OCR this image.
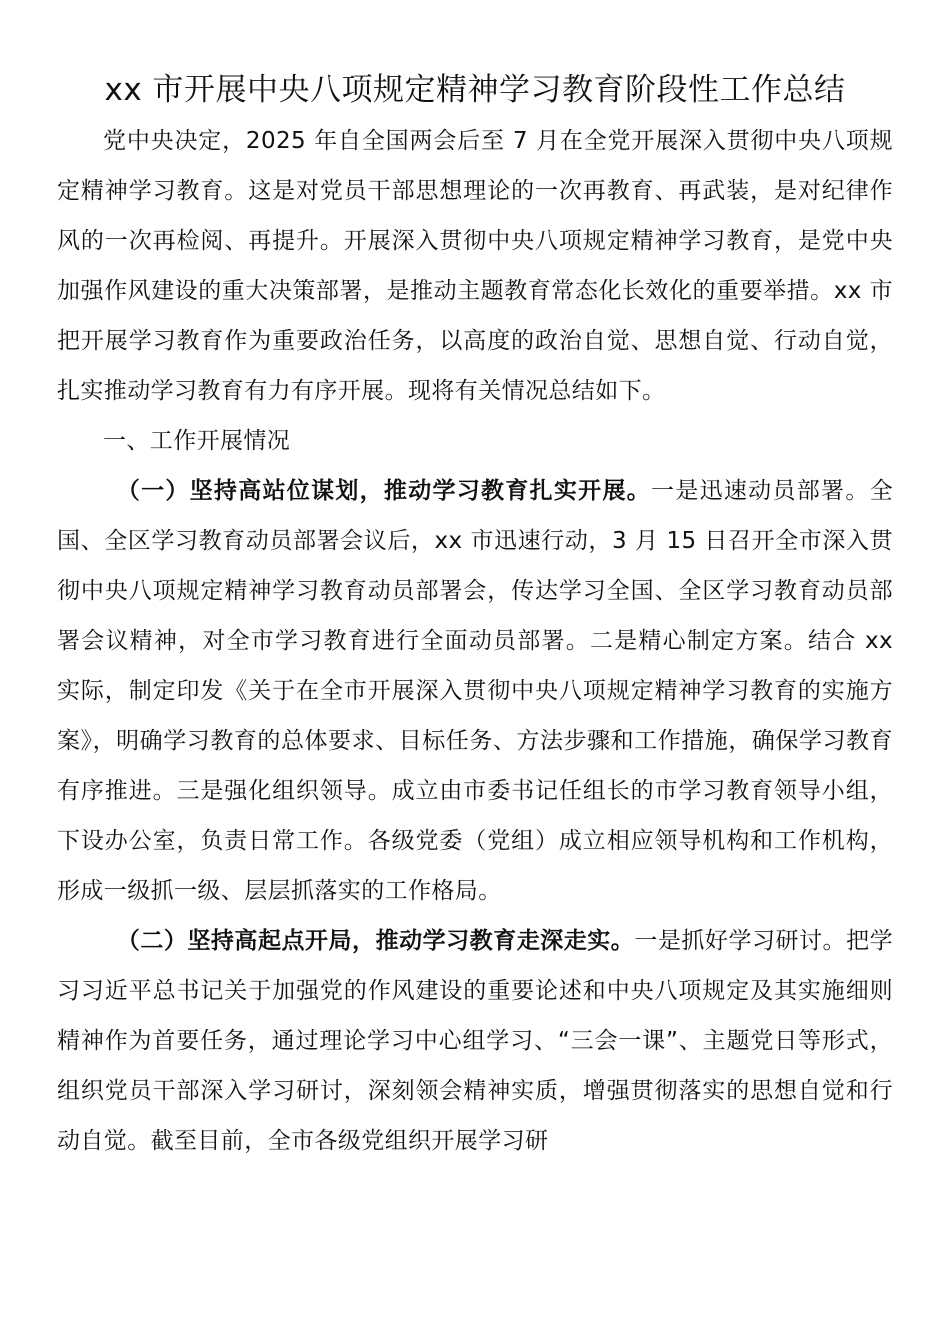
xx 市开展中央八项规定精神学习教育阶段性工作总结

党中央决定，2025 年自全国两会后至 7 月在全党开展深入贯彻中央八项规定精神学习教育。这是对党员干部思想理论的一次再教育、再武装，是对纪律作风的一次再检阅、再提升。开展深入贯彻中央八项规定精神学习教育，是党中央加强作风建设的重大决策部署，是推动主题教育常态化长效化的重要举措。xx 市把开展学习教育作为重要政治任务，以高度的政治自觉、思想自觉、行动自觉，扎实推动学习教育有力有序开展。现将有关情况总结如下。

一、工作开展情况

（一）坚持高站位谋划，推动学习教育扎实开展。一是迅速动员部署。全国、全区学习教育动员部署会议后，xx 市迅速行动，3 月 15 日召开全市深入贯彻中央八项规定精神学习教育动员部署会，传达学习全国、全区学习教育动员部署会议精神，对全市学习教育进行全面动员部署。二是精心制定方案。结合 xx 实际，制定印发《关于在全市开展深入贯彻中央八项规定精神学习教育的实施方案》，明确学习教育的总体要求、目标任务、方法步骤和工作措施，确保学习教育有序推进。三是强化组织领导。成立由市委书记任组长的市学习教育领导小组，下设办公室，负责日常工作。各级党委（党组）成立相应领导机构和工作机构，形成一级抓一级、层层抓落实的工作格局。

（二）坚持高起点开局，推动学习教育走深走实。一是抓好学习研讨。把学习习近平总书记关于加强党的作风建设的重要论述和中央八项规定及其实施细则精神作为首要任务，通过理论学习中心组学习、“三会一课”、主题党日等形式，组织党员干部深入学习研讨，深刻领会精神实质，增强贯彻落实的思想自觉和行动自觉。截至目前，全市各级党组织开展学习研
